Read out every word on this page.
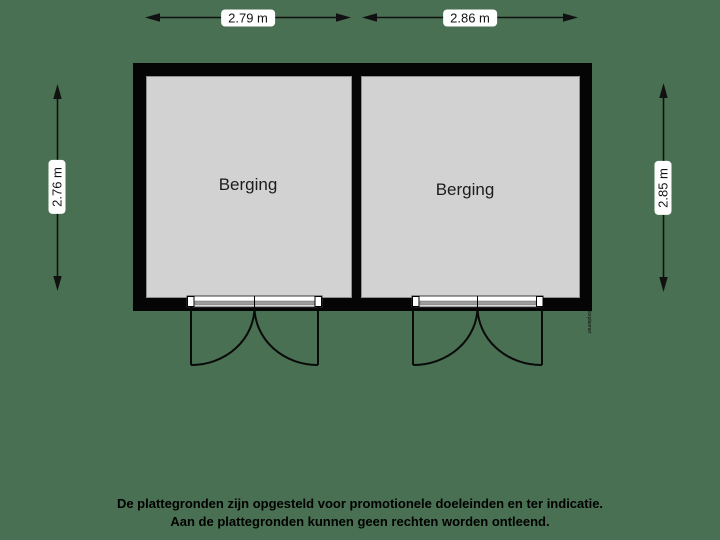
Berging	Berging
2.79 m	2.86 m
2.76 m	2.85 m
floorplanner
De plattegronden zijn opgesteld voor promotionele doeleinden en ter indicatie.
Aan de plattegronden kunnen geen rechten worden ontleend.
